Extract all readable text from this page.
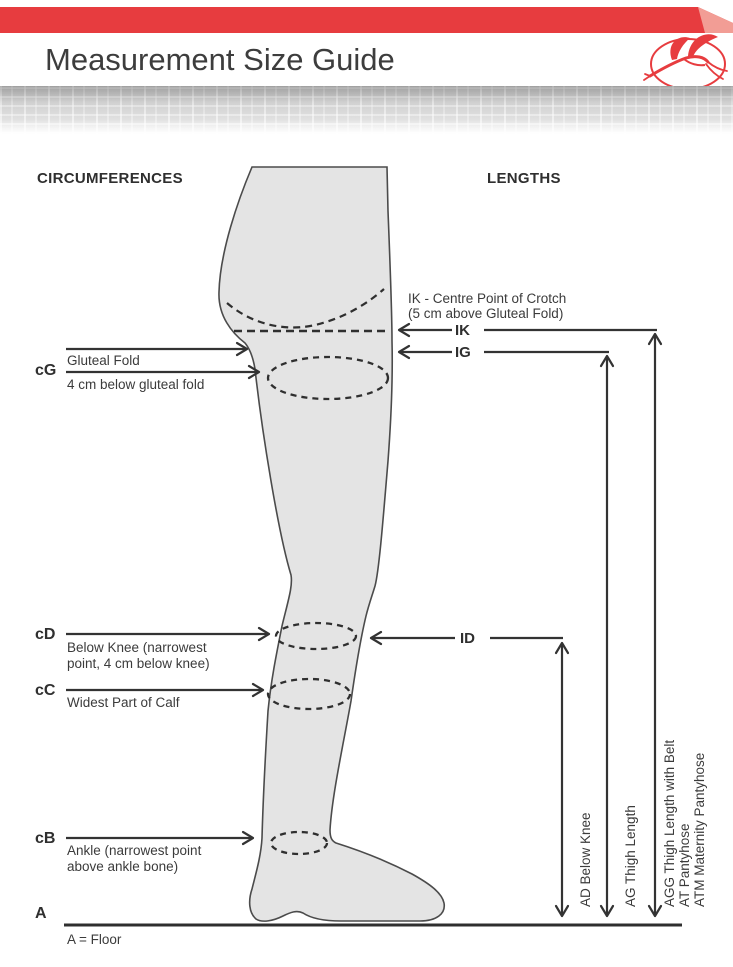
Measurement Size Guide
CIRCUMFERENCES	LENGTHS
Gluteal Fold
cG
4 cm below gluteal fold
cD
Below Knee (narrowest point, 4 cm below knee)
cC
Widest Part of Calf
cB
Ankle (narrowest point above ankle bone)
A
A = Floor
IK - Centre Point of Crotch
(5 cm above Gluteal Fold)
IK
IG
ID
AD Below Knee AG Thigh Length AGG Thigh Length with Belt AT Pantyhose ATM Maternity Pantyhose
